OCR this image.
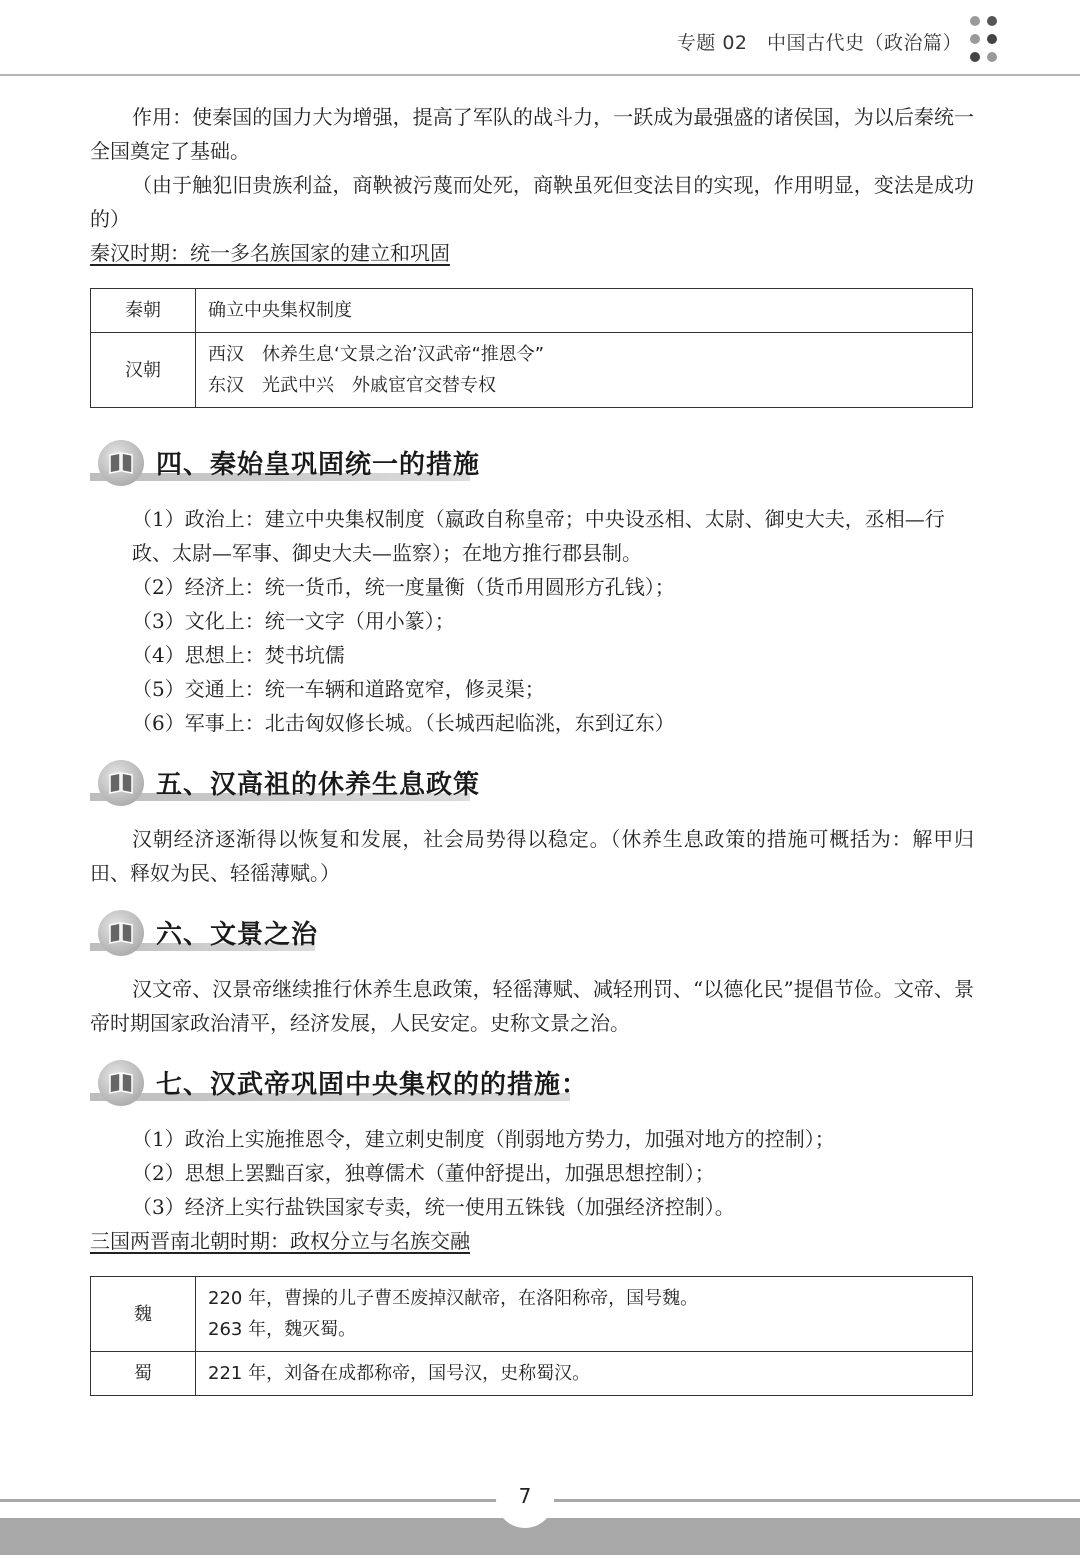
专题 02　中国古代史（政治篇）

作用：使秦国的国力大为增强，提高了军队的战斗力，一跃成为最强盛的诸侯国，为以后秦统一全国奠定了基础。

（由于触犯旧贵族利益，商鞅被污蔑而处死，商鞅虽死但变法目的实现，作用明显，变法是成功的）

秦汉时期：统一多名族国家的建立和巩固

秦朝	确立中央集权制度
汉朝	西汉　休养生息‘文景之治’汉武帝“推恩令”
东汉　光武中兴　外戚宦官交替专权
四、秦始皇巩固统一的措施

（1）政治上：建立中央集权制度（嬴政自称皇帝；中央设丞相、太尉、御史大夫，丞相—行政、太尉—军事、御史大夫—监察）；在地方推行郡县制。

（2）经济上：统一货币，统一度量衡（货币用圆形方孔钱）；

（3）文化上：统一文字（用小篆）；

（4）思想上：焚书坑儒

（5）交通上：统一车辆和道路宽窄，修灵渠；

（6）军事上：北击匈奴修长城。（长城西起临洮，东到辽东）

五、汉高祖的休养生息政策

汉朝经济逐渐得以恢复和发展，社会局势得以稳定。（休养生息政策的措施可概括为：解甲归田、释奴为民、轻徭薄赋。）

六、文景之治

汉文帝、汉景帝继续推行休养生息政策，轻徭薄赋、减轻刑罚、“以德化民”提倡节俭。文帝、景帝时期国家政治清平，经济发展，人民安定。史称文景之治。

七、汉武帝巩固中央集权的的措施：

（1）政治上实施推恩令，建立刺史制度（削弱地方势力，加强对地方的控制）；

（2）思想上罢黜百家，独尊儒术（董仲舒提出，加强思想控制）；

（3）经济上实行盐铁国家专卖，统一使用五铢钱（加强经济控制）。

三国两晋南北朝时期：政权分立与名族交融

魏	220 年，曹操的儿子曹丕废掉汉献帝，在洛阳称帝，国号魏。
263 年，魏灭蜀。

蜀	221 年，刘备在成都称帝，国号汉，史称蜀汉。
7
